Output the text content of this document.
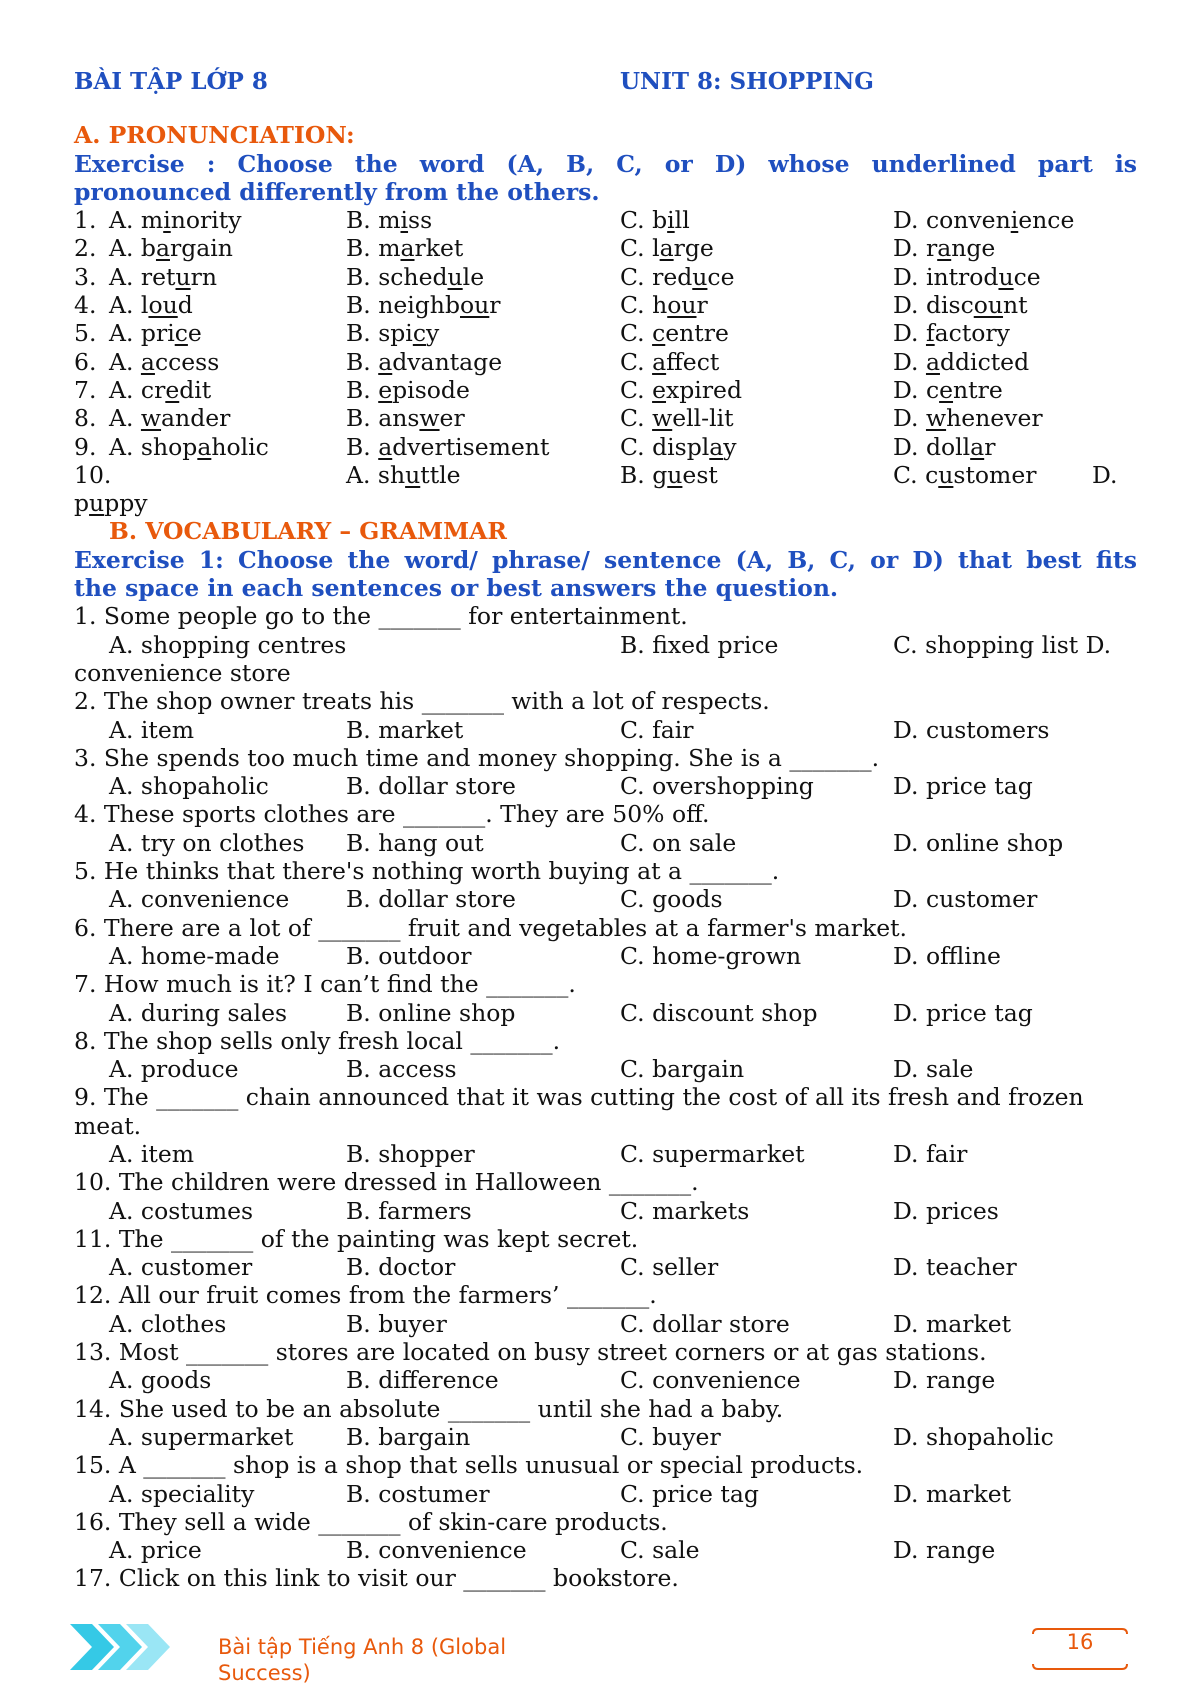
BÀI TẬP LỚP 8	UNIT 8: SHOPPING
A. PRONUNCIATION:
Exercise : Choose the word (A, B, C, or D) whose underlined part is
pronounced differently from the others.
1. A. minority	B. miss	C. bill	D. convenience
2. A. bargain	B. market	C. large	D. range
3. A. return	B. schedule	C. reduce	D. introduce
4. A. loud	B. neighbour	C. hour	D. discount
5. A. price	B. spicy	C. centre	D. factory
6. A. access	B. advantage	C. affect	D. addicted
7. A. credit	B. episode	C. expired	D. centre
8. A. wander	B. answer	C. well-lit	D. whenever
9. A. shopaholic	B. advertisement	C. display	D. dollar
10.	A. shuttle	B. guest	C. customer D.
puppy
B. VOCABULARY – GRAMMAR
Exercise 1: Choose the word/ phrase/ sentence (A, B, C, or D) that best fits
the space in each sentences or best answers the question.
1. Some people go to the _______ for entertainment.
A. shopping centres	B. fixed price	C. shopping list D.
convenience store
2. The shop owner treats his _______ with a lot of respects.
A. item	B. market	C. fair	D. customers
3. She spends too much time and money shopping. She is a _______.
A. shopaholic	B. dollar store	C. overshopping	D. price tag
4. These sports clothes are _______. They are 50% off.
A. try on clothes B. hang out	C. on sale	D. online shop
5. He thinks that there's nothing worth buying at a _______.
A. convenience B. dollar store	C. goods	D. customer
6. There are a lot of _______ fruit and vegetables at a farmer's market.
A. home-made	B. outdoor	C. home-grown	D. offline
7. How much is it? I can’t find the _______.
A. during sales	B. online shop	C. discount shop	D. price tag
8. The shop sells only fresh local _______.
A. produce	B. access	C. bargain	D. sale
9. The _______ chain announced that it was cutting the cost of all its fresh and frozen
meat.
A. item	B. shopper	C. supermarket	D. fair
10. The children were dressed in Halloween _______.
A. costumes	B. farmers	C. markets	D. prices
11. The _______ of the painting was kept secret.
A. customer	B. doctor	C. seller	D. teacher
12. All our fruit comes from the farmers’ _______.
A. clothes	B. buyer	C. dollar store	D. market
13. Most _______ stores are located on busy street corners or at gas stations.
A. goods	B. difference	C. convenience	D. range
14. She used to be an absolute _______ until she had a baby.
A. supermarket B. bargain	C. buyer	D. shopaholic
15. A _______ shop is a shop that sells unusual or special products.
A. speciality	B. costumer	C. price tag	D. market
16. They sell a wide _______ of skin-care products.
A. price	B. convenience	C. sale	D. range
17. Click on this link to visit our _______ bookstore.
Bài tập Tiếng Anh 8 (Global
Success)
16
